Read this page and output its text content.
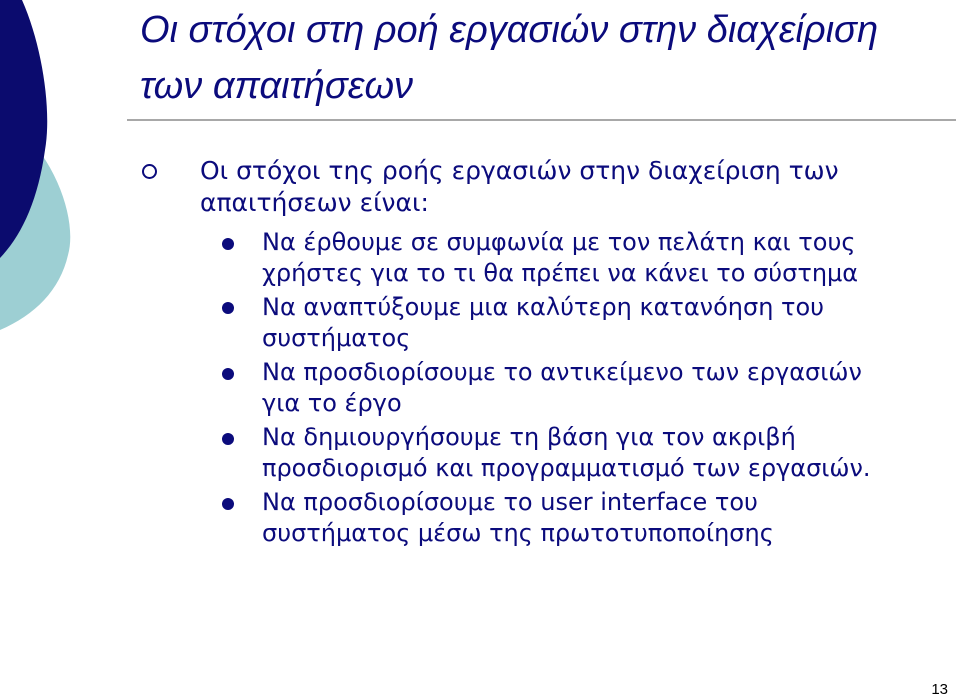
Οι στόχοι στη ροή εργασιών στην διαχείριση των απαιτήσεων
Οι στόχοι της ροής εργασιών στην διαχείριση των απαιτήσεων είναι:
Να έρθουμε σε συμφωνία με τον πελάτη και τους
χρήστες για το τι θα πρέπει να κάνει το σύστημα
Να αναπτύξουμε μια καλύτερη κατανόηση του
συστήματος
Να προσδιορίσουμε το αντικείμενο των εργασιών
για το έργο
Να δημιουργήσουμε τη βάση για τον ακριβή
προσδιορισμό και προγραμματισμό των εργασιών.
Να προσδιορίσουμε το user interface του
συστήματος μέσω της πρωτοτυποποίησης
13
